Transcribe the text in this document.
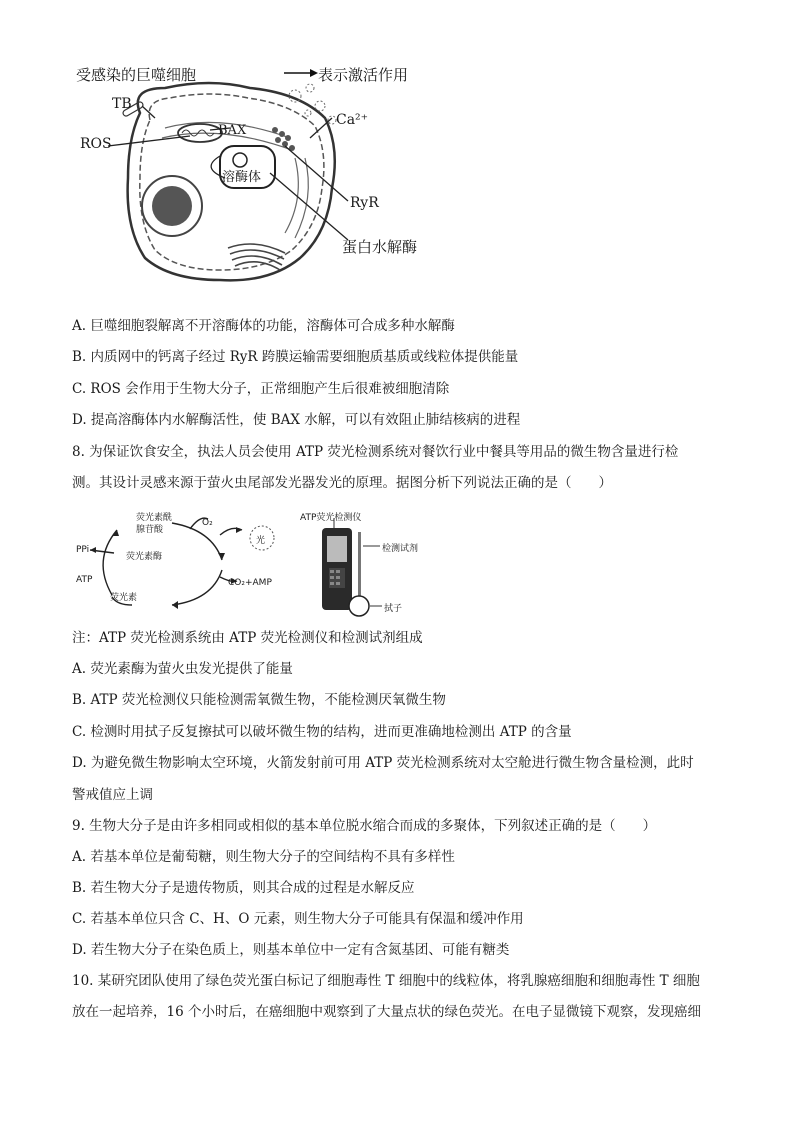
受感染的巨噬细胞	表示激活作用
TB
ROS
BAX
Ca²⁺
溶酶体
RyR
蛋白水解酶
A. 巨噬细胞裂解离不开溶酶体的功能，溶酶体可合成多种水解酶
B. 内质网中的钙离子经过 RyR 跨膜运输需要细胞质基质或线粒体提供能量
C. ROS 会作用于生物大分子，正常细胞产生后很难被细胞清除
D. 提高溶酶体内水解酶活性，使 BAX 水解，可以有效阻止肺结核病的进程
8. 为保证饮食安全，执法人员会使用 ATP 荧光检测系统对餐饮行业中餐具等用品的微生物含量进行检
测。其设计灵感来源于萤火虫尾部发光器发光的原理。据图分析下列说法正确的是（　　）
荧光素酰
腺苷酸
O₂
光
PPi
荧光素酶
ATP	CO₂+AMP
荧光素
ATP荧光检测仪
检测试剂
拭子
注：ATP 荧光检测系统由 ATP 荧光检测仪和检测试剂组成
A. 荧光素酶为萤火虫发光提供了能量
B. ATP 荧光检测仪只能检测需氧微生物，不能检测厌氧微生物
C. 检测时用拭子反复擦拭可以破坏微生物的结构，进而更准确地检测出 ATP 的含量
D. 为避免微生物影响太空环境，火箭发射前可用 ATP 荧光检测系统对太空舱进行微生物含量检测，此时
警戒值应上调
9. 生物大分子是由许多相同或相似的基本单位脱水缩合而成的多聚体，下列叙述正确的是（　　）
A. 若基本单位是葡萄糖，则生物大分子的空间结构不具有多样性
B. 若生物大分子是遗传物质，则其合成的过程是水解反应
C. 若基本单位只含 C、H、O 元素，则生物大分子可能具有保温和缓冲作用
D. 若生物大分子在染色质上，则基本单位中一定有含氮基团、可能有糖类
10. 某研究团队使用了绿色荧光蛋白标记了细胞毒性 T 细胞中的线粒体，将乳腺癌细胞和细胞毒性 T 细胞
放在一起培养，16 个小时后，在癌细胞中观察到了大量点状的绿色荧光。在电子显微镜下观察，发现癌细
